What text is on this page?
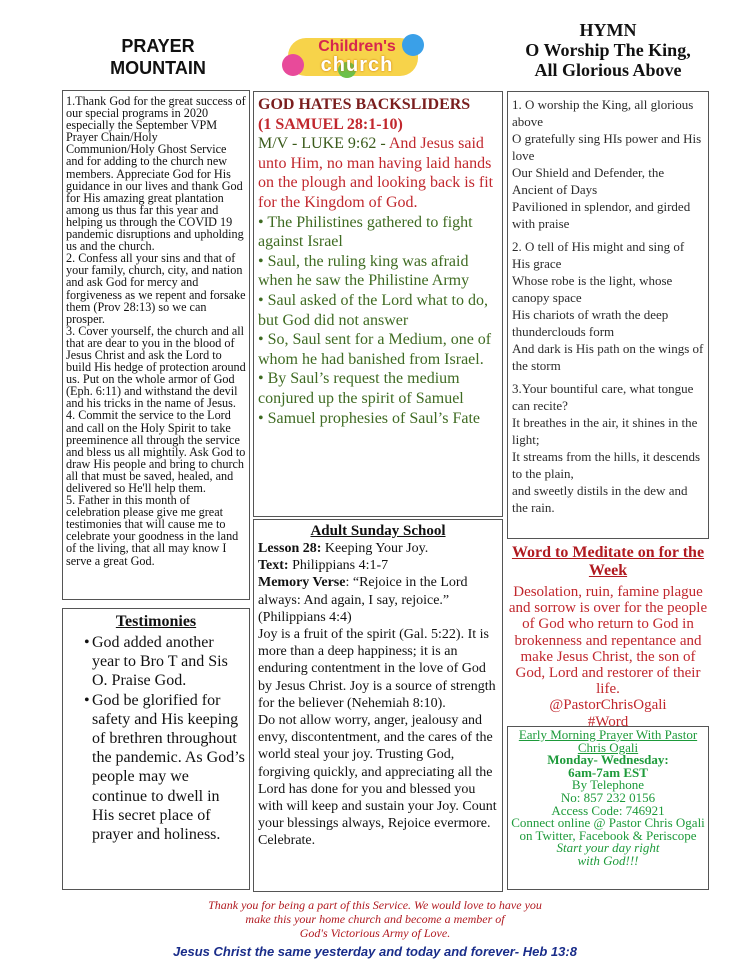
PRAYER
MOUNTAIN
Children's
church
HYMN
O Worship The King,
All Glorious Above

1.Thank God for the great success of our special programs in 2020 especially the September VPM Prayer Chain/Holy Communion/Holy Ghost Service and for adding to the church new members. Appreciate God for His guidance in our lives and thank God for His amazing great plantation among us thus far this year and helping us through the COVID 19 pandemic disruptions and upholding us and the church.

2. Confess all your sins and that of your family, church, city, and nation and ask God for mercy and forgiveness as we repent and forsake them (Prov 28:13) so we can prosper.

3. Cover yourself, the church and all that are dear to you in the blood of Jesus Christ and ask the Lord to build His hedge of protection around us. Put on the whole armor of God (Eph. 6:11) and withstand the devil and his tricks in the name of Jesus.

4. Commit the service to the Lord and call on the Holy Spirit to take preeminence all through the service and bless us all mightily. Ask God to draw His people and bring to church all that must be saved, healed, and delivered so He'll help them.

5. Father in this month of celebration please give me great testimonies that will cause me to celebrate your goodness in the land of the living, that all may know I serve a great God.

Testimonies
• God added another year to Bro T and Sis O. Praise God.
• God be glorified for safety and His keeping of brethren throughout the pandemic. As God’s people may we continue to dwell in His secret place of prayer and holiness.
GOD HATES BACKSLIDERS
(1 SAMUEL 28:1-10)
M/V - LUKE 9:62 - And Jesus said unto Him, no man having laid hands on the plough and looking back is fit for the Kingdom of God.
• The Philistines gathered to fight against Israel
• Saul, the ruling king was afraid when he saw the Philistine Army
• Saul asked of the Lord what to do, but God did not answer
• So, Saul sent for a Medium, one of whom he had banished from Israel.
• By Saul’s request the medium conjured up the spirit of Samuel
• Samuel prophesies of Saul’s Fate
1. O worship the King, all glorious above
O gratefully sing HIs power and His love
Our Shield and Defender, the Ancient of Days
Pavilioned in splendor, and girded with praise
2. O tell of His might and sing of His grace
Whose robe is the light, whose canopy space
His chariots of wrath the deep thunderclouds form
And dark is His path on the wings of the storm
3.Your bountiful care, what tongue can recite?
It breathes in the air, it shines in the light;
It streams from the hills, it descends to the plain,
and sweetly distils in the dew and the rain.
Adult Sunday School

Lesson 28: Keeping Your Joy.

Text: Philippians 4:1-7

Memory Verse: “Rejoice in the Lord always: And again, I say, rejoice.” (Philippians 4:4)

Joy is a fruit of the spirit (Gal. 5:22). It is more than a deep happiness; it is an enduring contentment in the love of God by Jesus Christ. Joy is a source of strength for the believer (Nehemiah 8:10).

Do not allow worry, anger, jealousy and envy, discontentment, and the cares of the world steal your joy. Trusting God, forgiving quickly, and appreciating all the Lord has done for you and blessed you with will keep and sustain your Joy. Count your blessings always, Rejoice evermore. Celebrate.

Word to Meditate on for the Week
Desolation, ruin, famine plague and sorrow is over for the people of God who return to God in brokenness and repentance and make Jesus Christ, the son of God, Lord and restorer of their life.
@PastorChrisOgali
#Word
Early Morning Prayer With Pastor Chris Ogali
Monday- Wednesday:
6am-7am EST
By Telephone
No: 857 232 0156
Access Code: 746921
Connect online @ Pastor Chris Ogali on Twitter, Facebook & Periscope
Start your day right
with God!!!
Thank you for being a part of this Service. We would love to have you
make this your home church and become a member of
God's Victorious Army of Love.
Jesus Christ the same yesterday and today and forever- Heb 13:8
